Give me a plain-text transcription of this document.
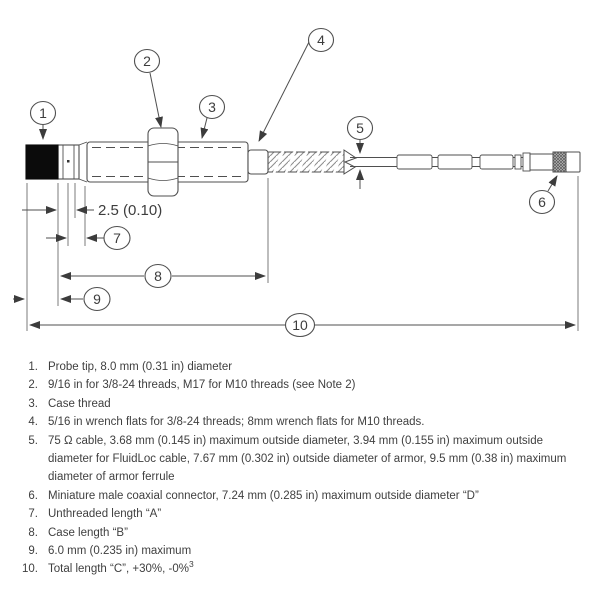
1
2
3
4
5
6
2.5 (0.10)
7
8
9
10
1. Probe tip, 8.0 mm (0.31 in) diameter
2. 9/16 in for 3/8-24 threads, M17 for M10 threads (see Note 2)
3. Case thread
4. 5/16 in wrench flats for 3/8-24 threads; 8mm wrench flats for M10 threads.
5. 75 Ω cable, 3.68 mm (0.145 in) maximum outside diameter, 3.94 mm (0.155 in) maximum outside diameter for FluidLoc cable, 7.67 mm (0.302 in) outside diameter of armor, 9.5 mm (0.38 in) maximum diameter of armor ferrule
6. Miniature male coaxial connector, 7.24 mm (0.285 in) maximum outside diameter “D”
7. Unthreaded length “A”
8. Case length “B”
9. 6.0 mm (0.235 in) maximum
10. Total length “C”, +30%, -0%$^3$
